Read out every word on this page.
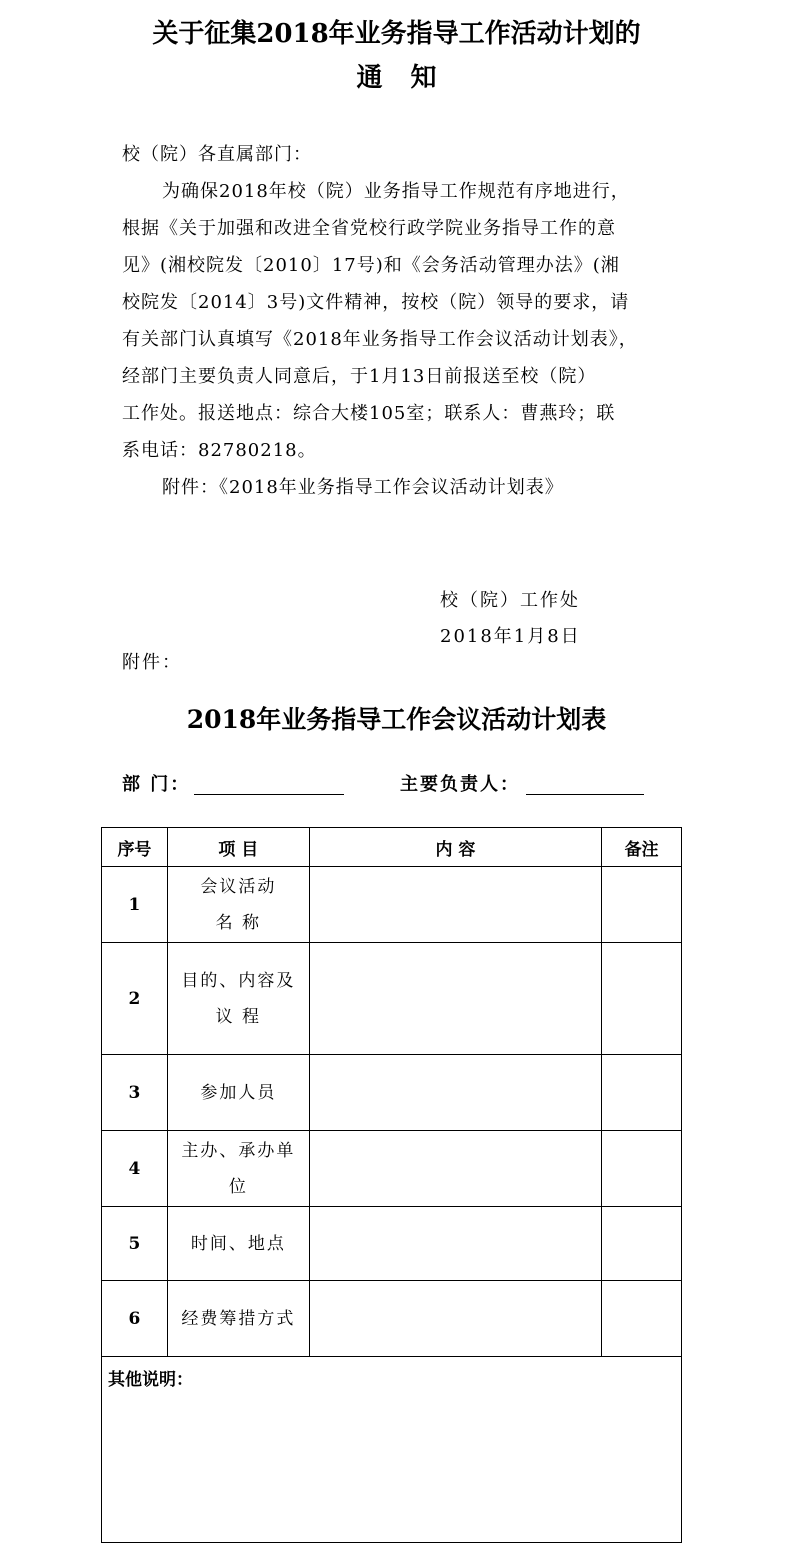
关于征集2018年业务指导工作活动计划的
通知
校（院）各直属部门：
为确保2018年校（院）业务指导工作规范有序地进行，
根据《关于加强和改进全省党校行政学院业务指导工作的意
见》(湘校院发〔2010〕17号)和《会务活动管理办法》(湘
校院发〔2014〕3号)文件精神，按校（院）领导的要求，请
有关部门认真填写《2018年业务指导工作会议活动计划表》，
经部门主要负责人同意后，于1月13日前报送至校（院）
工作处。报送地点：综合大楼105室；联系人：曹燕玲；联
系电话：82780218。
附件：《2018年业务指导工作会议活动计划表》
校（院）工作处
2018年1月8日
附件：
2018年业务指导工作会议活动计划表
部 门：	主要负责人：
序号	项 目	内 容	备注
1	会议活动
名 称		
2	目的、内容及
议 程		
3	参加人员		
4	主办、承办单
位		
5	时间、地点		
6	经费筹措方式		
其他说明：			
